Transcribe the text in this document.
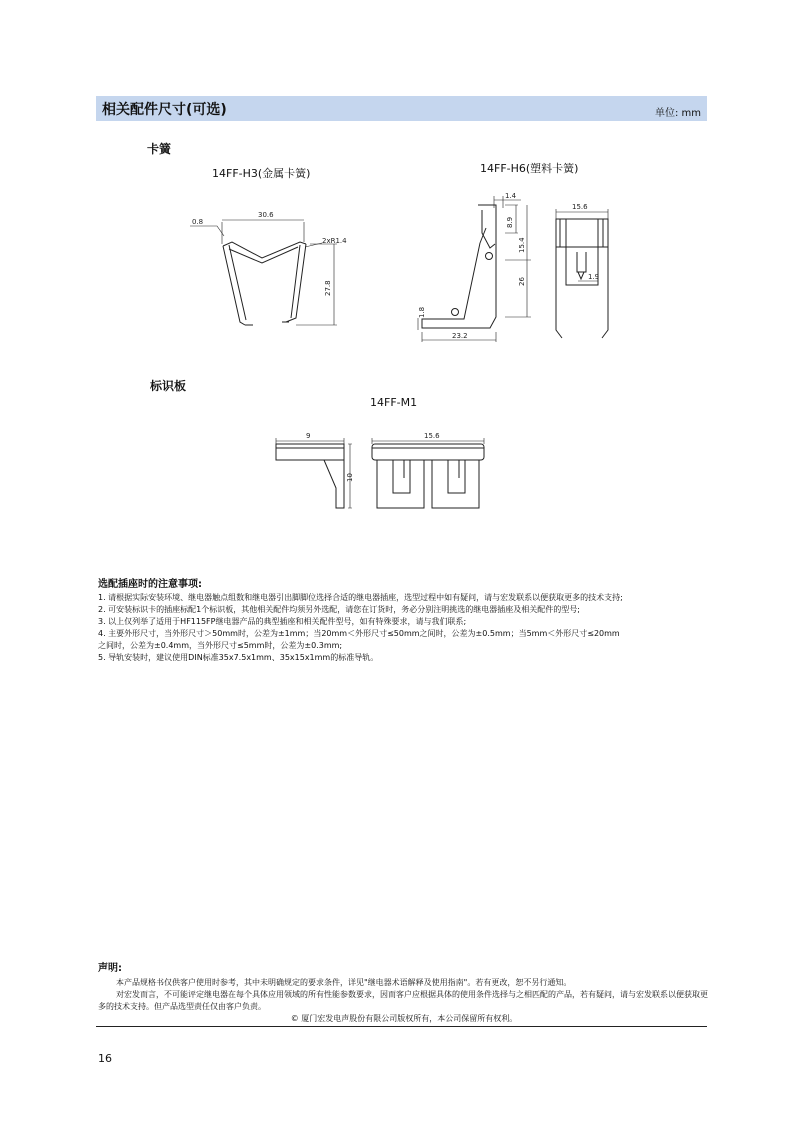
相关配件尺寸(可选)	单位: mm
卡簧
14FF-H3(金属卡簧)	14FF-H6(塑料卡簧)
标识板
14FF-M1
0.8
30.6
2xR1.4
27.8
1.4
8.9
15.4
26
1.8
23.2
15.6
1.9
9
10
15.6
选配插座时的注意事项:
1. 请根据实际安装环境、继电器触点组数和继电器引出脚脚位选择合适的继电器插座，选型过程中如有疑问，请与宏发联系以便获取更多的技术支持;
2. 可安装标识卡的插座标配1个标识板，其他相关配件均须另外选配，请您在订货时，务必分别注明挑选的继电器插座及相关配件的型号;
3. 以上仅列举了适用于HF115FP继电器产品的典型插座和相关配件型号，如有特殊要求，请与我们联系;
4. 主要外形尺寸，当外形尺寸＞50mm时，公差为±1mm；当20mm＜外形尺寸≤50mm之间时，公差为±0.5mm；当5mm＜外形尺寸≤20mm
之间时，公差为±0.4mm，当外形尺寸≤5mm时，公差为±0.3mm;
5. 导轨安装时，建议使用DIN标准35x7.5x1mm、35x15x1mm的标准导轨。
声明:
本产品规格书仅供客户使用时参考，其中未明确规定的要求条件，详见"继电器术语解释及使用指南"。若有更改，恕不另行通知。
对宏发而言，不可能评定继电器在每个具体应用领域的所有性能参数要求，因而客户应根据具体的使用条件选择与之相匹配的产品，若有疑问，请与宏发联系以便获取更多的技术支持。但产品选型责任仅由客户负责。
© 厦门宏发电声股份有限公司版权所有，本公司保留所有权利。
16
